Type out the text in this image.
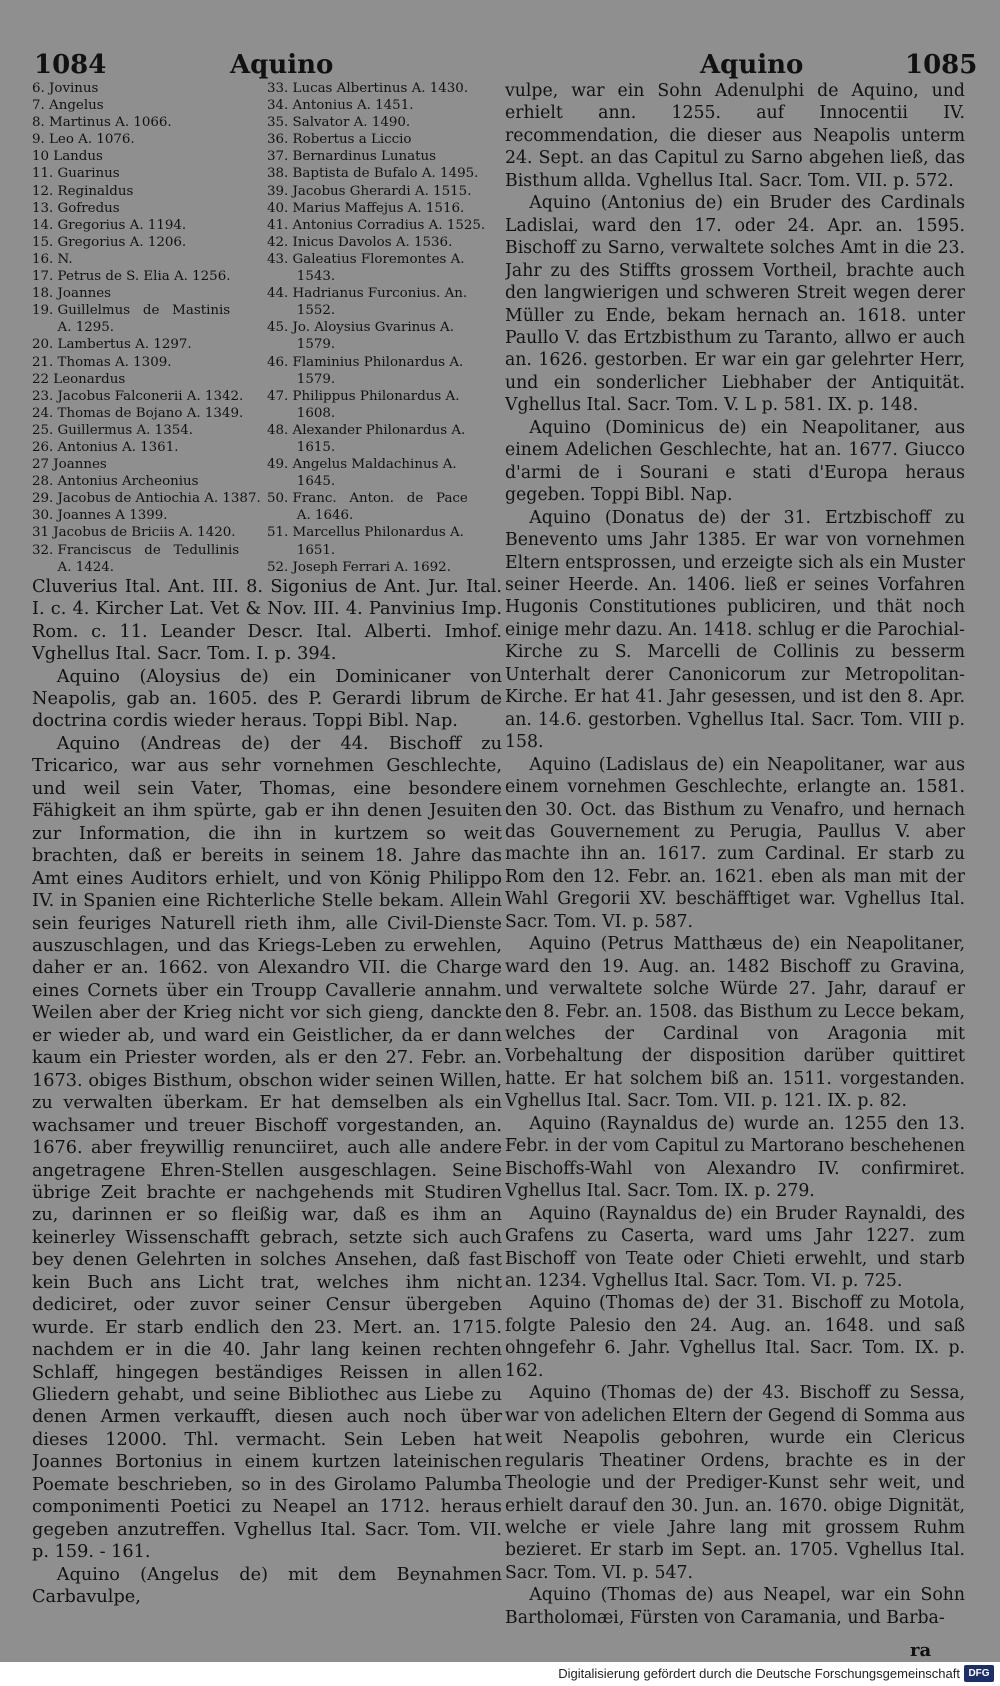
1084	Aquino	Aquino	1085
6. Jovinus	33. Lucas Albertinus A. 1430.
7. Angelus	34. Antonius A. 1451.
8. Martinus A. 1066.	35. Salvator A. 1490.
9. Leo A. 1076.	36. Robertus a Liccio
10 Landus	37. Bernardinus Lunatus
11. Guarinus	38. Baptista de Bufalo A. 1495.
12. Reginaldus	39. Jacobus Gherardi A. 1515.
13. Gofredus	40. Marius Maffejus A. 1516.
14. Gregorius A. 1194.	41. Antonius Corradius A. 1525.
15. Gregorius A. 1206.	42. Inicus Davolos A. 1536.
16. N.	43. Galeatius Floremontes A.
17. Petrus de S. Elia A. 1256.	1543.
18. Joannes	44. Hadrianus Furconius. An.
19. Guillelmus   de   Mastinis	1552.
A. 1295.	45. Jo. Aloysius Gvarinus A.
20. Lambertus A. 1297.	1579.
21. Thomas A. 1309.	46. Flaminius Philonardus A.
22 Leonardus	1579.
23. Jacobus Falconerii A. 1342.	47. Philippus Philonardus A.
24. Thomas de Bojano A. 1349.	1608.
25. Guillermus A. 1354.	48. Alexander Philonardus A.
26. Antonius A. 1361.	1615.
27 Joannes	49. Angelus Maldachinus A.
28. Antonius Archeonius	1645.
29. Jacobus de Antiochia A. 1387. 50. Franc.   Anton.   de   Pace
30. Joannes A 1399.	A. 1646.
31 Jacobus de Briciis A. 1420.	51. Marcellus Philonardus A.
32. Franciscus   de   Tedullinis	1651.
A. 1424.	52. Joseph Ferrari A. 1692.

Cluverius Ital. Ant. III. 8. Sigonius de Ant. Jur. Ital. I. c. 4. Kircher Lat. Vet & Nov. III. 4. Panvinius Imp. Rom. c. 11. Leander Descr. Ital. Alberti. Imhof. Vghellus Ital. Sacr. Tom. I. p. 394.

Aquino (Aloysius de) ein Dominicaner von Neapolis, gab an. 1605. des P. Gerardi librum de doctrina cordis wieder heraus. Toppi Bibl. Nap.

Aquino (Andreas de) der 44. Bischoff zu Tricarico, war aus sehr vornehmen Geschlechte, und weil sein Vater, Thomas, eine besondere Fähigkeit an ihm spürte, gab er ihn denen Jesuiten zur Information, die ihn in kurtzem so weit brachten, daß er bereits in seinem 18. Jahre das Amt eines Auditors erhielt, und von König Philippo IV. in Spanien eine Richterliche Stelle bekam. Allein sein feuriges Naturell rieth ihm, alle Civil-Dienste auszuschlagen, und das Kriegs-Leben zu erwehlen, daher er an. 1662. von Alexandro VII. die Charge eines Cornets über ein Troupp Cavallerie annahm. Weilen aber der Krieg nicht vor sich gieng, danckte er wieder ab, und ward ein Geistlicher, da er dann kaum ein Priester worden, als er den 27. Febr. an. 1673. obiges Bisthum, obschon wider seinen Willen, zu verwalten überkam. Er hat demselben als ein wachsamer und treuer Bischoff vorgestanden, an. 1676. aber freywillig renunciiret, auch alle andere angetragene Ehren-Stellen ausgeschlagen. Seine übrige Zeit brachte er nachgehends mit Studiren zu, darinnen er so fleißig war, daß es ihm an keinerley Wissenschafft gebrach, setzte sich auch bey denen Gelehrten in solches Ansehen, daß fast kein Buch ans Licht trat, welches ihm nicht dediciret, oder zuvor seiner Censur übergeben wurde. Er starb endlich den 23. Mert. an. 1715. nachdem er in die 40. Jahr lang keinen rechten Schlaff, hingegen beständiges Reissen in allen Gliedern gehabt, und seine Bibliothec aus Liebe zu denen Armen verkaufft, diesen auch noch über dieses 12000. Thl. vermacht. Sein Leben hat Joannes Bortonius in einem kurtzen lateinischen Poemate beschrieben, so in des Girolamo Palumba componimenti Poetici zu Neapel an 1712. heraus gegeben anzutreffen. Vghellus Ital. Sacr. Tom. VII. p. 159. - 161.

Aquino (Angelus de) mit dem Beynahmen Carbavulpe,

vulpe, war ein Sohn Adenulphi de Aquino, und erhielt ann. 1255. auf Innocentii IV. recommendation, die dieser aus Neapolis unterm 24. Sept. an das Capitul zu Sarno abgehen ließ, das Bisthum allda. Vghellus Ital. Sacr. Tom. VII. p. 572.

Aquino (Antonius de) ein Bruder des Cardinals Ladislai, ward den 17. oder 24. Apr. an. 1595. Bischoff zu Sarno, verwaltete solches Amt in die 23. Jahr zu des Stiffts grossem Vortheil, brachte auch den langwierigen und schweren Streit wegen derer Müller zu Ende, bekam hernach an. 1618. unter Paullo V. das Ertzbisthum zu Taranto, allwo er auch an. 1626. gestorben. Er war ein gar gelehrter Herr, und ein sonderlicher Liebhaber der Antiquität. Vghellus Ital. Sacr. Tom. V. L p. 581. IX. p. 148.

Aquino (Dominicus de) ein Neapolitaner, aus einem Adelichen Geschlechte, hat an. 1677. Giucco d'armi de i Sourani e stati d'Europa heraus gegeben. Toppi Bibl. Nap.

Aquino (Donatus de) der 31. Ertzbischoff zu Benevento ums Jahr 1385. Er war von vornehmen Eltern entsprossen, und erzeigte sich als ein Muster seiner Heerde. An. 1406. ließ er seines Vorfahren Hugonis Constitutiones publiciren, und thät noch einige mehr dazu. An. 1418. schlug er die Parochial-Kirche zu S. Marcelli de Collinis zu besserm Unterhalt derer Canonicorum zur Metropolitan-Kirche. Er hat 41. Jahr gesessen, und ist den 8. Apr. an. 14.6. gestorben. Vghellus Ital. Sacr. Tom. VIII p. 158.

Aquino (Ladislaus de) ein Neapolitaner, war aus einem vornehmen Geschlechte, erlangte an. 1581. den 30. Oct. das Bisthum zu Venafro, und hernach das Gouvernement zu Perugia, Paullus V. aber machte ihn an. 1617. zum Cardinal. Er starb zu Rom den 12. Febr. an. 1621. eben als man mit der Wahl Gregorii XV. beschäfftiget war. Vghellus Ital. Sacr. Tom. VI. p. 587.

Aquino (Petrus Matthæus de) ein Neapolitaner, ward den 19. Aug. an. 1482 Bischoff zu Gravina, und verwaltete solche Würde 27. Jahr, darauf er den 8. Febr. an. 1508. das Bisthum zu Lecce bekam, welches der Cardinal von Aragonia mit Vorbehaltung der disposition darüber quittiret hatte. Er hat solchem biß an. 1511. vorgestanden. Vghellus Ital. Sacr. Tom. VII. p. 121. IX. p. 82.

Aquino (Raynaldus de) wurde an. 1255 den 13. Febr. in der vom Capitul zu Martorano beschehenen Bischoffs-Wahl von Alexandro IV. confirmiret. Vghellus Ital. Sacr. Tom. IX. p. 279.

Aquino (Raynaldus de) ein Bruder Raynaldi, des Grafens zu Caserta, ward ums Jahr 1227. zum Bischoff von Teate oder Chieti erwehlt, und starb an. 1234. Vghellus Ital. Sacr. Tom. VI. p. 725.

Aquino (Thomas de) der 31. Bischoff zu Motola, folgte Palesio den 24. Aug. an. 1648. und saß ohngefehr 6. Jahr. Vghellus Ital. Sacr. Tom. IX. p. 162.

Aquino (Thomas de) der 43. Bischoff zu Sessa, war von adelichen Eltern der Gegend di Somma aus weit Neapolis gebohren, wurde ein Clericus regularis Theatiner Ordens, brachte es in der Theologie und der Prediger-Kunst sehr weit, und erhielt darauf den 30. Jun. an. 1670. obige Dignität, welche er viele Jahre lang mit grossem Ruhm bezieret. Er starb im Sept. an. 1705. Vghellus Ital. Sacr. Tom. VI. p. 547.

Aquino (Thomas de) aus Neapel, war ein Sohn Bartholomæi, Fürsten von Caramania, und Barba-

ra
Digitalisierung gefördert durch die Deutsche Forschungsgemeinschaft DFG
